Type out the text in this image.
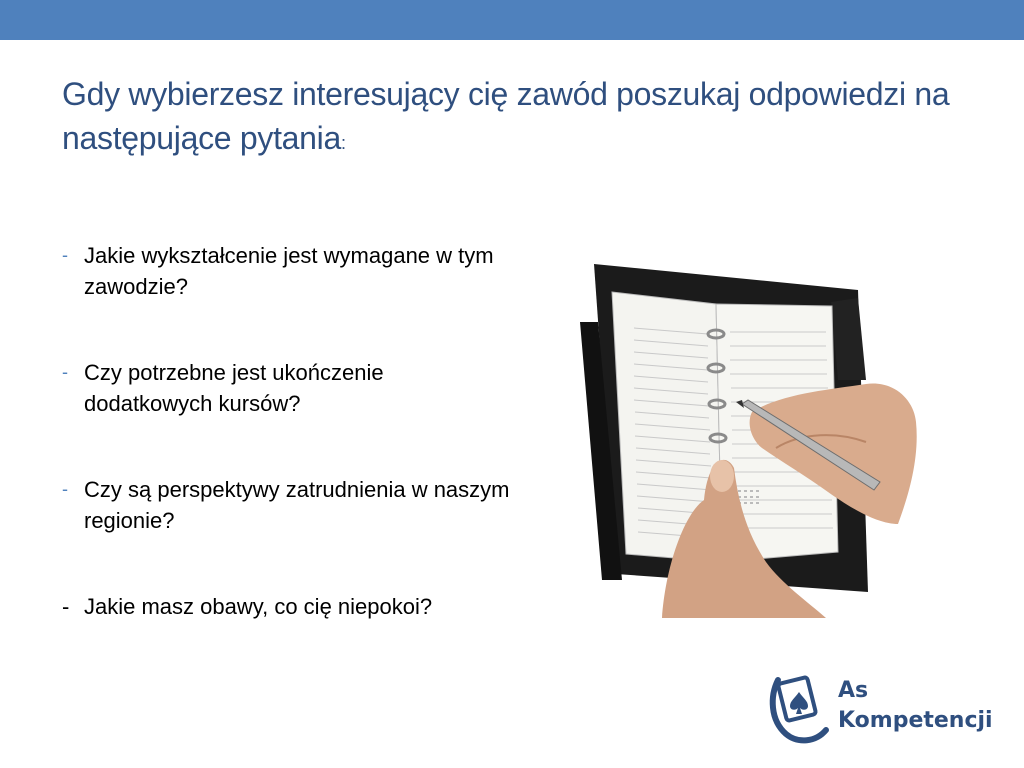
Gdy wybierzesz interesujący cię zawód poszukaj odpowiedzi na następujące pytania:
- Jakie wykształcenie jest wymagane w tym zawodzie?
- Czy potrzebne jest ukończenie dodatkowych kursów?
- Czy są perspektywy zatrudnienia w naszym regionie?
- Jakie masz obawy, co cię niepokoi?
As
Kompetencji
